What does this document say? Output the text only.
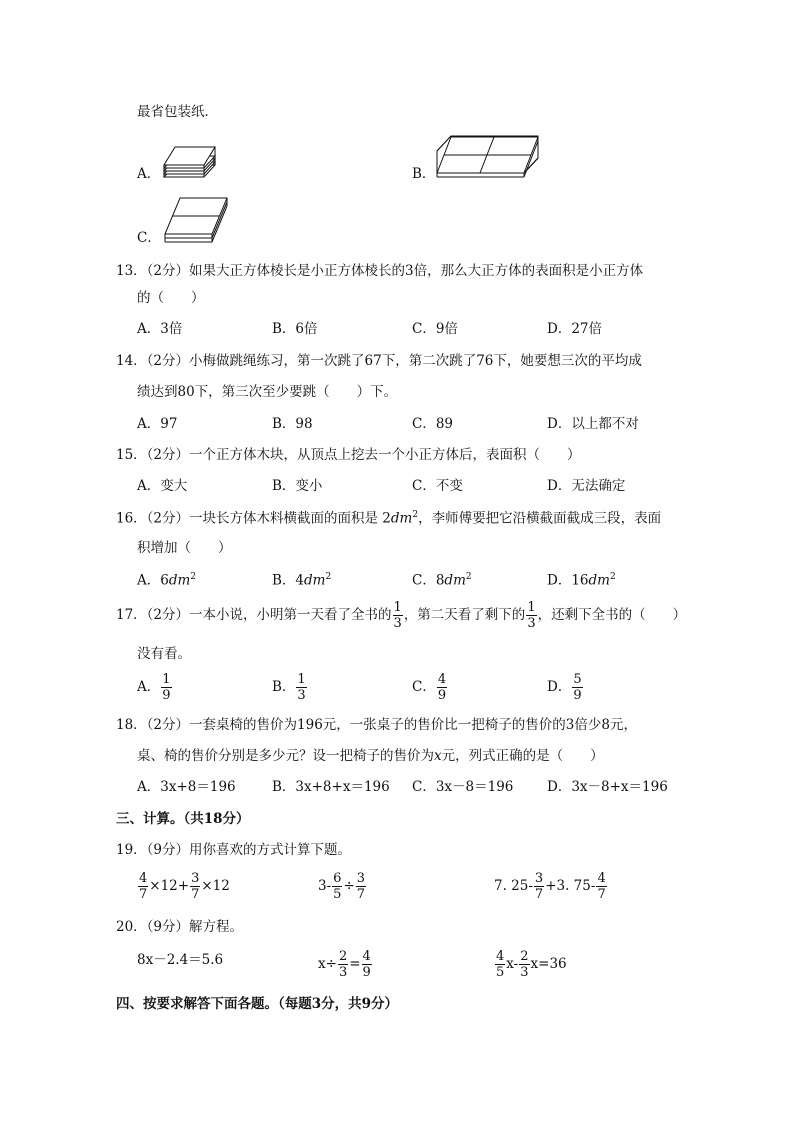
最省包装纸．
A．	B．
C．
13．（2分）如果大正方体棱长是小正方体棱长的3倍，那么大正方体的表面积是小正方体
的（　　）
A．3倍	B．6倍	C．9倍	D．27倍
14．（2分）小梅做跳绳练习，第一次跳了67下，第二次跳了76下，她要想三次的平均成
绩达到80下，第三次至少要跳（　　）下。
A．97	B．98	C．89	D．以上都不对
15．（2分）一个正方体木块，从顶点上挖去一个小正方体后，表面积（　　）
A．变大	B．变小	C．不变	D．无法确定
16．（2分）一块长方体木料横截面的面积是 $2dm^2$，李师傅要把它沿横截面截成三段，表面
积增加（　　）
A．$6dm^2$	B．$4dm^2$	C．$8dm^2$	D．$16dm^2$
17．（2分）一本小说，小明第一天看了全书的 $\frac{1}{3}$ ，第二天看了剩下的 $\frac{1}{3}$ ，还剩下全书的（　　）
没有看。
A． $\frac{1}{9}$	B． $\frac{1}{3}$	C． $\frac{4}{9}$	D． $\frac{5}{9}$
18．（2分）一套桌椅的售价为196元，一张桌子的售价比一把椅子的售价的3倍少8元，
桌、椅的售价分别是多少元？设一把椅子的售价为x元，列式正确的是（　　）
A．3x+8＝196	B．3x+8+x＝196 C．3x－8＝196 D．3x－8+x＝196
三、计算。（共18分）
19．（9分）用你喜欢的方式计算下题。
$\frac{4}{7} \times 12+ \frac{3}{7} \times 12$	$3- \frac{6}{5} \div \frac{3}{7}$	7. $25- \frac{3}{7} +3$. $75- \frac{4}{7}$
20．（9分）解方程。
8x－2.4＝5.6	$x\div \frac{2}{3} = \frac{4}{9}$	$\frac{4}{5} x- \frac{2}{3} x=36$
四、按要求解答下面各题。（每题3分，共9分）
